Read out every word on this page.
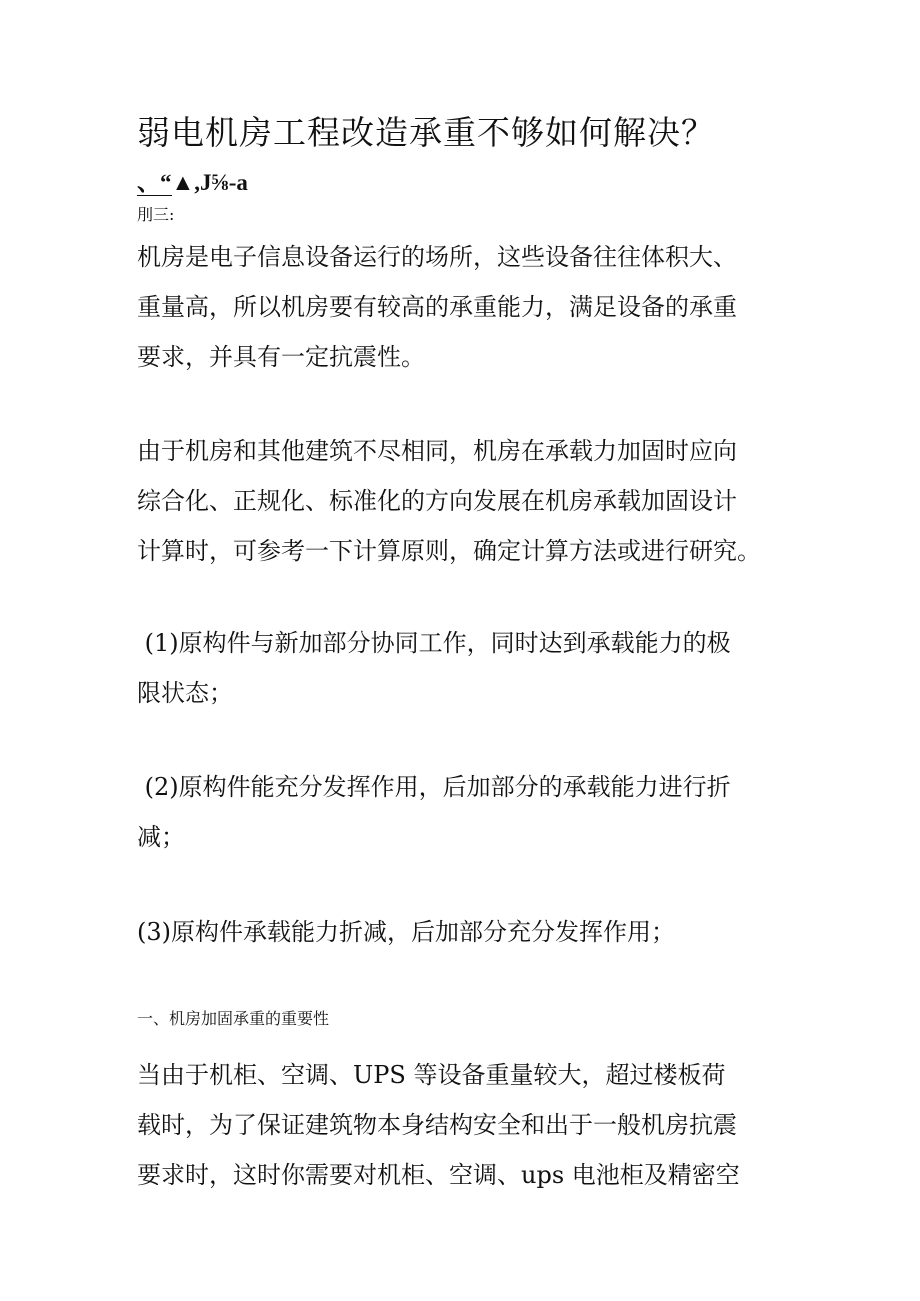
弱电机房工程改造承重不够如何解决？
、“▲,J⅝-a
刖三:
机房是电子信息设备运行的场所，这些设备往往体积大、
重量高，所以机房要有较高的承重能力，满足设备的承重
要求，并具有一定抗震性。
由于机房和其他建筑不尽相同，机房在承载力加固时应向
综合化、正规化、标准化的方向发展在机房承载加固设计
计算时，可参考一下计算原则，确定计算方法或进行研究。
(1)原构件与新加部分协同工作，同时达到承载能力的极
限状态；
(2)原构件能充分发挥作用，后加部分的承载能力进行折
减；
(3)原构件承载能力折减，后加部分充分发挥作用；
一、机房加固承重的重要性
当由于机柜、空调、UPS 等设备重量较大，超过楼板荷
载时，为了保证建筑物本身结构安全和出于一般机房抗震
要求时，这时你需要对机柜、空调、ups 电池柜及精密空
